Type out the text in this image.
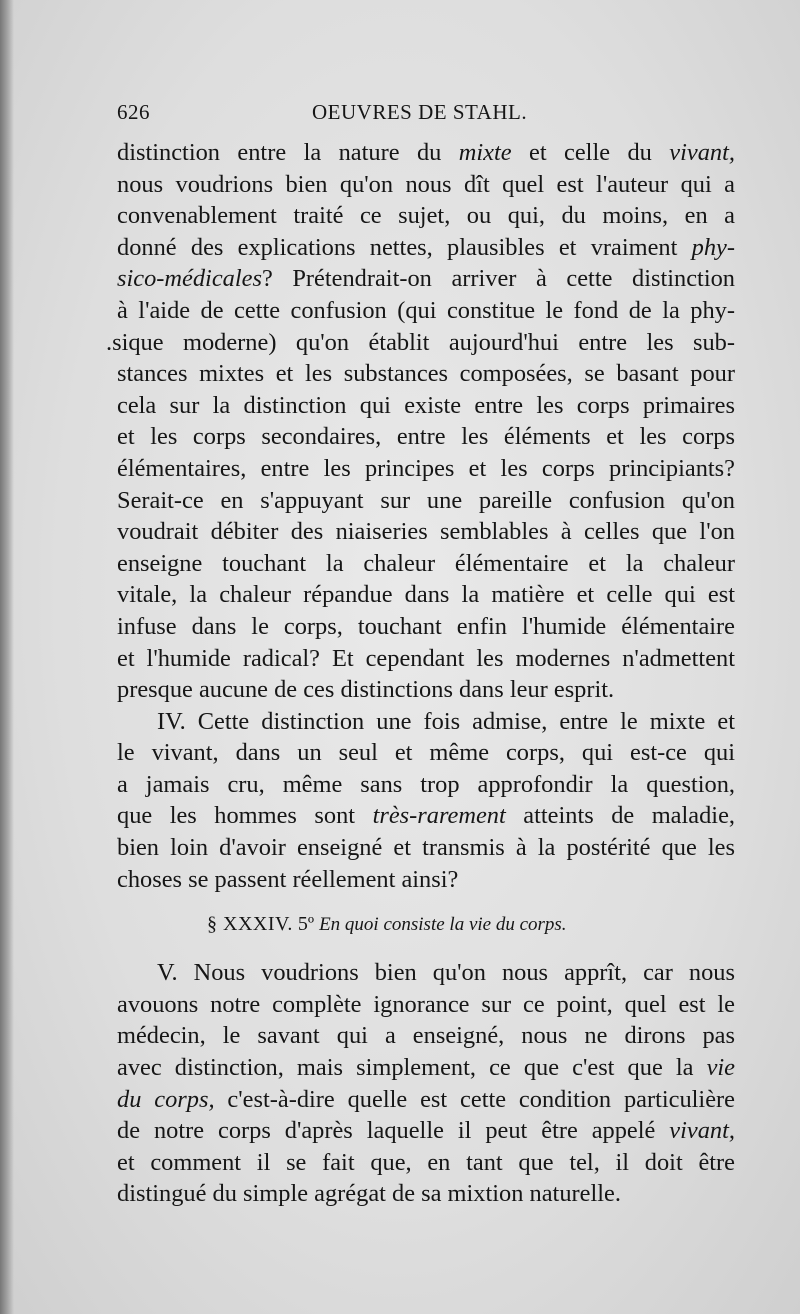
626	OEUVRES DE STAHL.
distinction entre la nature du mixte et celle du vivant,
nous voudrions bien qu'on nous dît quel est l'auteur qui a
convenablement traité ce sujet, ou qui, du moins, en a
donné des explications nettes, plausibles et vraiment phy-
sico-médicales? Prétendrait-on arriver à cette distinction
à l'aide de cette confusion (qui constitue le fond de la phy-
.sique moderne) qu'on établit aujourd'hui entre les sub-
stances mixtes et les substances composées, se basant pour
cela sur la distinction qui existe entre les corps primaires
et les corps secondaires, entre les éléments et les corps
élémentaires, entre les principes et les corps principiants?
Serait-ce en s'appuyant sur une pareille confusion qu'on
voudrait débiter des niaiseries semblables à celles que l'on
enseigne touchant la chaleur élémentaire et la chaleur
vitale, la chaleur répandue dans la matière et celle qui est
infuse dans le corps, touchant enfin l'humide élémentaire
et l'humide radical? Et cependant les modernes n'admettent
presque aucune de ces distinctions dans leur esprit.
IV. Cette distinction une fois admise, entre le mixte et
le vivant, dans un seul et même corps, qui est-ce qui
a jamais cru, même sans trop approfondir la question,
que les hommes sont très-rarement atteints de maladie,
bien loin d'avoir enseigné et transmis à la postérité que les
choses se passent réellement ainsi?
§ XXXIV. 5º En quoi consiste la vie du corps.
V. Nous voudrions bien qu'on nous apprît, car nous
avouons notre complète ignorance sur ce point, quel est le
médecin, le savant qui a enseigné, nous ne dirons pas
avec distinction, mais simplement, ce que c'est que la vie
du corps, c'est-à-dire quelle est cette condition particulière
de notre corps d'après laquelle il peut être appelé vivant,
et comment il se fait que, en tant que tel, il doit être
distingué du simple agrégat de sa mixtion naturelle.
